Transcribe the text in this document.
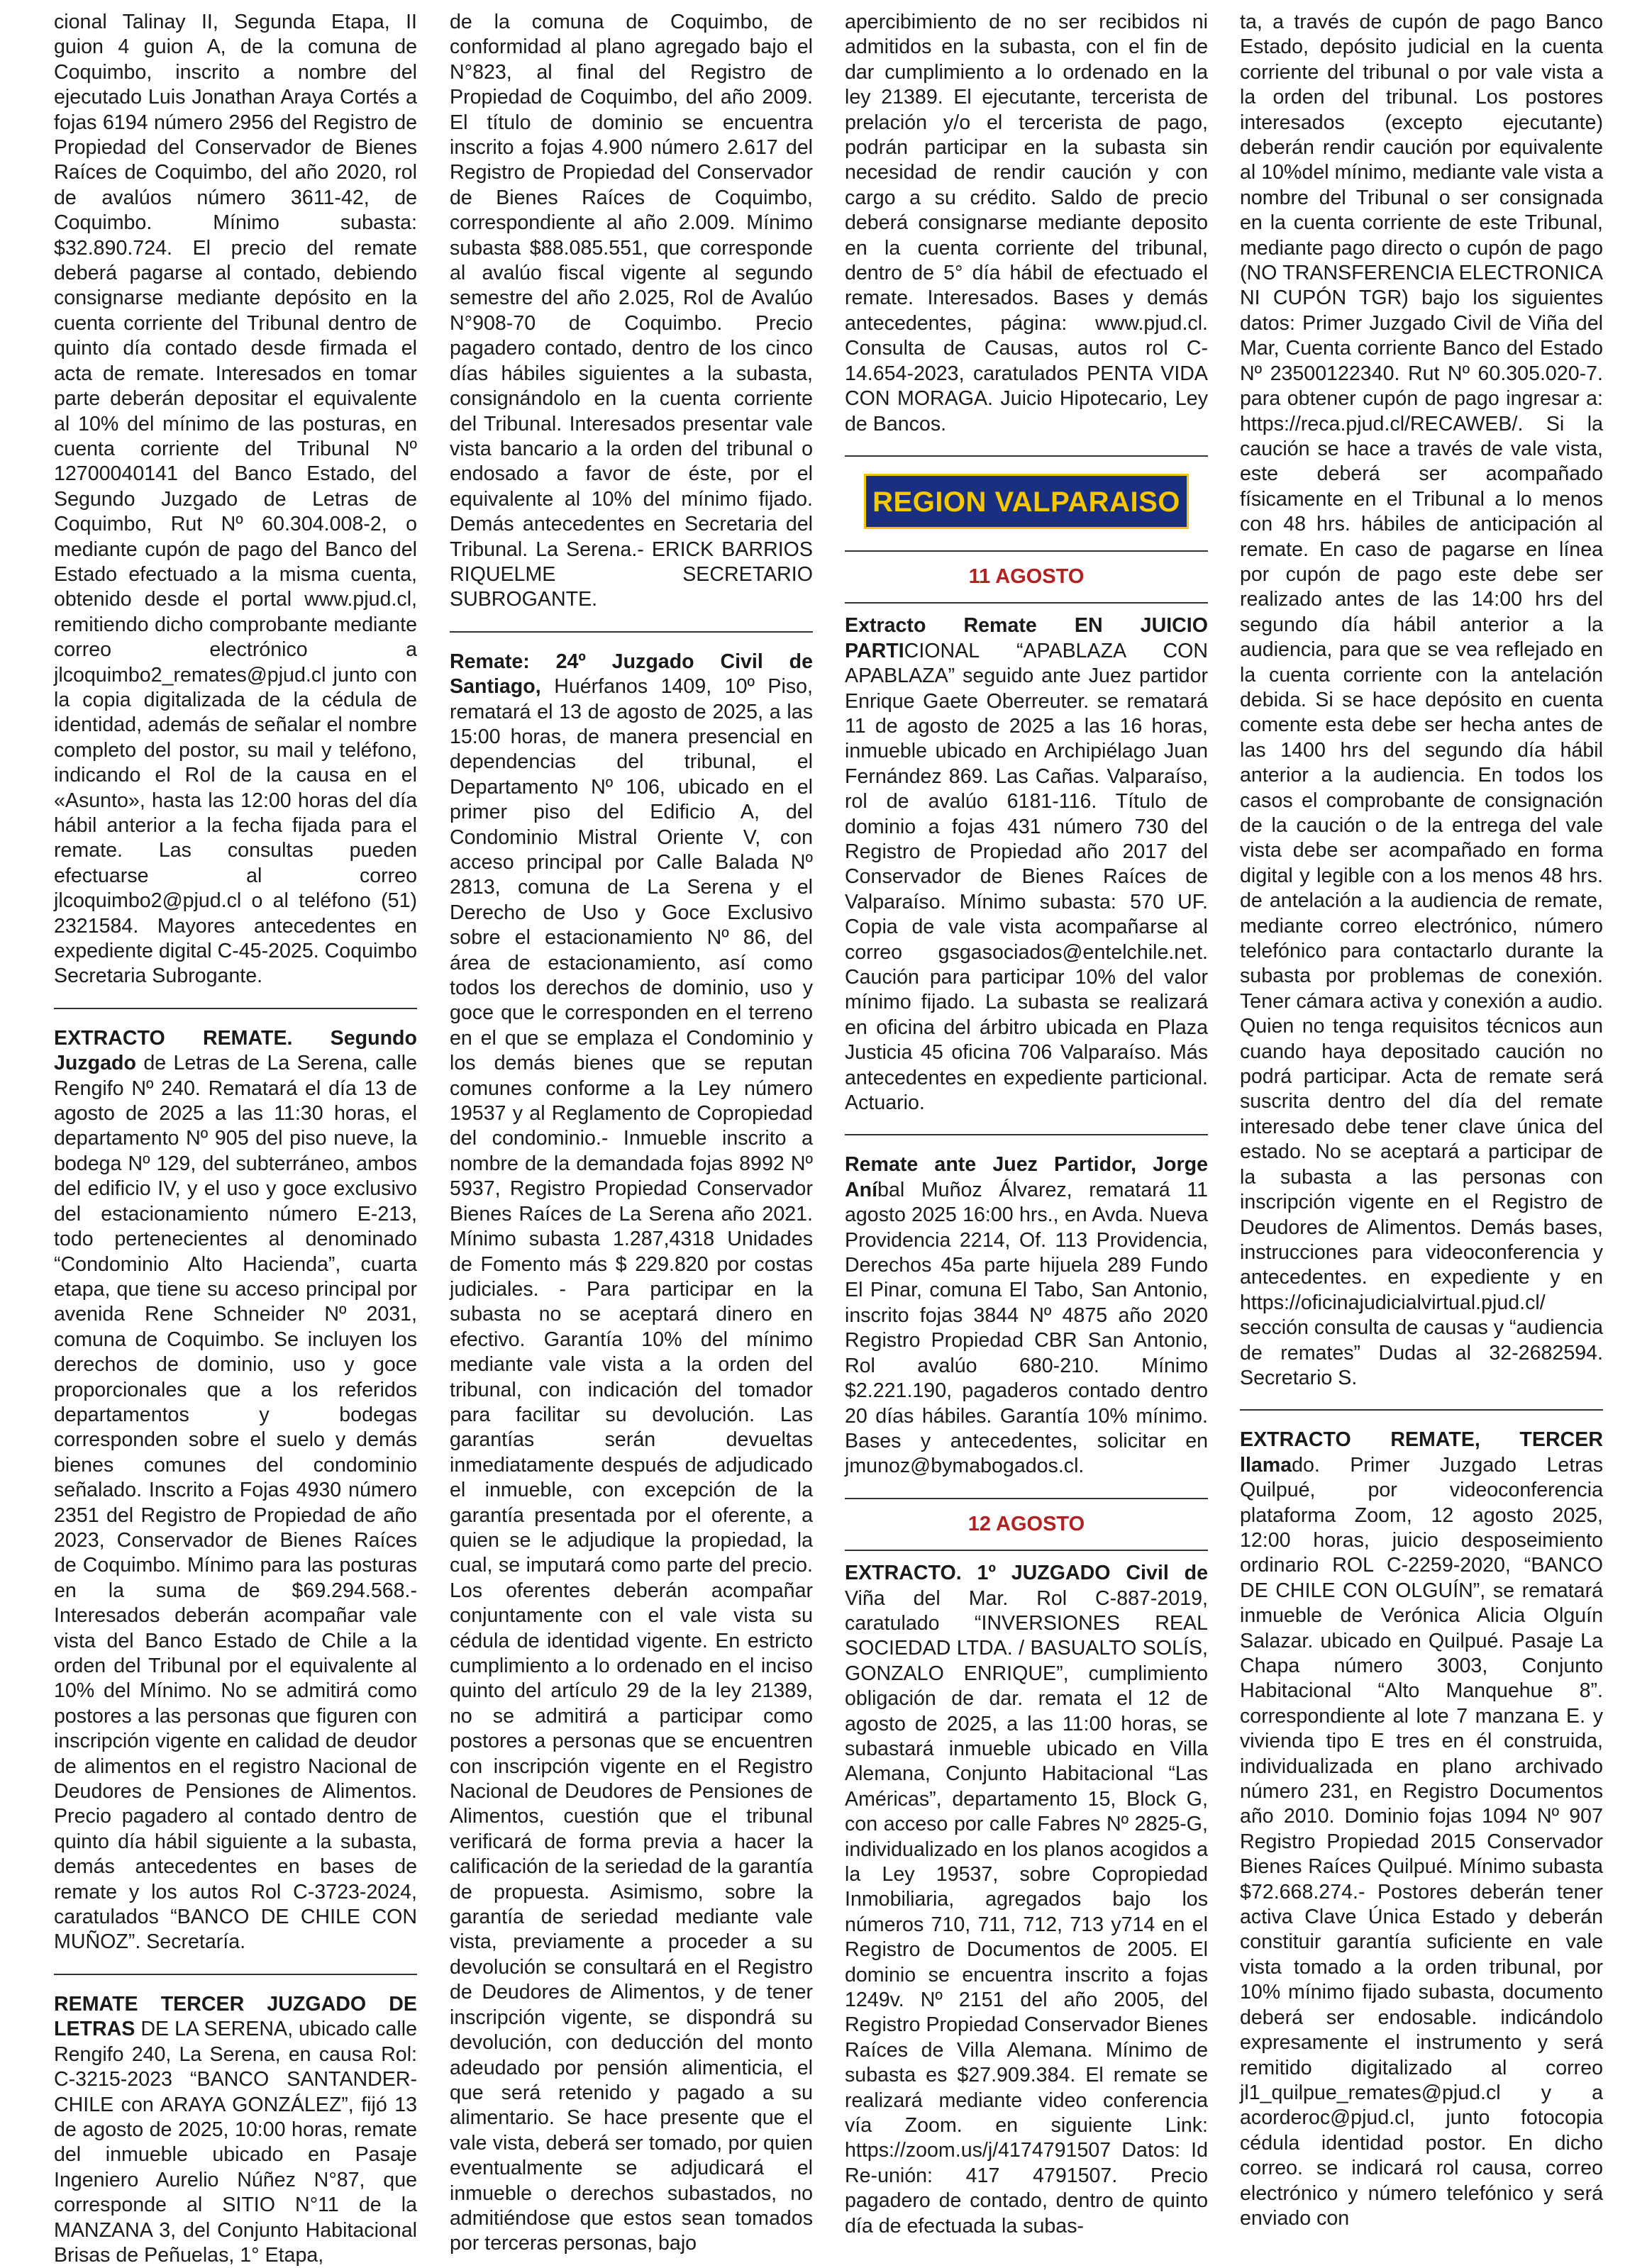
cional Talinay II, Segunda Etapa, II guion 4 guion A, de la comuna de Coquimbo, inscrito a nombre del ejecutado Luis Jonathan Araya Cortés a fojas 6194 número 2956 del Registro de Propiedad del Conservador de Bienes Raíces de Coquimbo, del año 2020, rol de avalúos número 3611-42, de Coquimbo. Mínimo subasta: $32.890.724. El precio del remate deberá pagarse al contado, debiendo consignarse mediante depósito en la cuenta corriente del Tribunal dentro de quinto día contado desde firmada el acta de remate. Interesados en tomar parte deberán depositar el equivalente al 10% del mínimo de las posturas, en cuenta corriente del Tribunal Nº 12700040141 del Banco Estado, del Segundo Juzgado de Letras de Coquimbo, Rut Nº 60.304.008-2, o mediante cupón de pago del Banco del Estado efectuado a la misma cuenta, obtenido desde el portal www.pjud.cl, remitiendo dicho comprobante mediante correo electrónico a jlcoquimbo2_remates@pjud.cl junto con la copia digitalizada de la cédula de identidad, además de señalar el nombre completo del postor, su mail y teléfono, indicando el Rol de la causa en el «Asunto», hasta las 12:00 horas del día hábil anterior a la fecha fijada para el remate. Las consultas pueden efectuarse al correo jlcoquimbo2@pjud.cl o al teléfono (51) 2321584. Mayores antecedentes en expediente digital C-45-2025. Coquimbo Secretaria Subrogante.

EXTRACTO REMATE. Segundo Juzgado de Letras de La Serena, calle Rengifo Nº 240. Rematará el día 13 de agosto de 2025 a las 11:30 horas, el departamento Nº 905 del piso nueve, la bodega Nº 129, del subterráneo, ambos del edificio IV, y el uso y goce exclusivo del estacionamiento número E-213, todo pertenecientes al denominado “Condominio Alto Hacienda”, cuarta etapa, que tiene su acceso principal por avenida Rene Schneider Nº 2031, comuna de Coquimbo. Se incluyen los derechos de dominio, uso y goce proporcionales que a los referidos departamentos y bodegas corresponden sobre el suelo y demás bienes comunes del condominio señalado. Inscrito a Fojas 4930 número 2351 del Registro de Propiedad de año 2023, Conservador de Bienes Raíces de Coquimbo. Mínimo para las posturas en la suma de $69.294.568.- Interesados deberán acompañar vale vista del Banco Estado de Chile a la orden del Tribunal por el equivalente al 10% del Mínimo. No se admitirá como postores a las personas que figuren con inscripción vigente en calidad de deudor de alimentos en el registro Nacional de Deudores de Pensiones de Alimentos. Precio pagadero al contado dentro de quinto día hábil siguiente a la subasta, demás antecedentes en bases de remate y los autos Rol C-3723-2024, caratulados “BANCO DE CHILE CON MUÑOZ”. Secretaría.

REMATE TERCER JUZGADO DE LETRAS DE LA SERENA, ubicado calle Rengifo 240, La Serena, en causa Rol: C-3215-2023 “BANCO SANTANDER- CHILE con ARAYA GONZÁLEZ”, fijó 13 de agosto de 2025, 10:00 horas, remate del inmueble ubicado en Pasaje Ingeniero Aurelio Núñez N°87, que corresponde al SITIO N°11 de la MANZANA 3, del Conjunto Habitacional Brisas de Peñuelas, 1° Etapa,

de la comuna de Coquimbo, de conformidad al plano agregado bajo el N°823, al final del Registro de Propiedad de Coquimbo, del año 2009. El título de dominio se encuentra inscrito a fojas 4.900 número 2.617 del Registro de Propiedad del Conservador de Bienes Raíces de Coquimbo, correspondiente al año 2.009. Mínimo subasta $88.085.551, que corresponde al avalúo fiscal vigente al segundo semestre del año 2.025, Rol de Avalúo N°908-70 de Coquimbo. Precio pagadero contado, dentro de los cinco días hábiles siguientes a la subasta, consignándolo en la cuenta corriente del Tribunal. Interesados presentar vale vista bancario a la orden del tribunal o endosado a favor de éste, por el equivalente al 10% del mínimo fijado. Demás antecedentes en Secretaria del Tribunal. La Serena.- ERICK BARRIOS RIQUELME SECRETARIO SUBROGANTE.

Remate: 24º Juzgado Civil de Santiago, Huérfanos 1409, 10º Piso, rematará el 13 de agosto de 2025, a las 15:00 horas, de manera presencial en dependencias del tribunal, el Departamento Nº 106, ubicado en el primer piso del Edificio A, del Condominio Mistral Oriente V, con acceso principal por Calle Balada Nº 2813, comuna de La Serena y el Derecho de Uso y Goce Exclusivo sobre el estacionamiento Nº 86, del área de estacionamiento, así como todos los derechos de dominio, uso y goce que le corresponden en el terreno en el que se emplaza el Condominio y los demás bienes que se reputan comunes conforme a la Ley número 19537 y al Reglamento de Copropiedad del condominio.- Inmueble inscrito a nombre de la demandada fojas 8992 Nº 5937, Registro Propiedad Conservador Bienes Raíces de La Serena año 2021. Mínimo subasta 1.287,4318 Unidades de Fomento más $ 229.820 por costas judiciales. - Para participar en la subasta no se aceptará dinero en efectivo. Garantía 10% del mínimo mediante vale vista a la orden del tribunal, con indicación del tomador para facilitar su devolución. Las garantías serán devueltas inmediatamente después de adjudicado el inmueble, con excepción de la garantía presentada por el oferente, a quien se le adjudique la propiedad, la cual, se imputará como parte del precio. Los oferentes deberán acompañar conjuntamente con el vale vista su cédula de identidad vigente. En estricto cumplimiento a lo ordenado en el inciso quinto del artículo 29 de la ley 21389, no se admitirá a participar como postores a personas que se encuentren con inscripción vigente en el Registro Nacional de Deudores de Pensiones de Alimentos, cuestión que el tribunal verificará de forma previa a hacer la calificación de la seriedad de la garantía de propuesta. Asimismo, sobre la garantía de seriedad mediante vale vista, previamente a proceder a su devolución se consultará en el Registro de Deudores de Alimentos, y de tener inscripción vigente, se dispondrá su devolución, con deducción del monto adeudado por pensión alimenticia, el que será retenido y pagado a su alimentario. Se hace presente que el vale vista, deberá ser tomado, por quien eventualmente se adjudicará el inmueble o derechos subastados, no admitiéndose que estos sean tomados por terceras personas, bajo

apercibimiento de no ser recibidos ni admitidos en la subasta, con el fin de dar cumplimiento a lo ordenado en la ley 21389. El ejecutante, tercerista de prelación y/o el tercerista de pago, podrán participar en la subasta sin necesidad de rendir caución y con cargo a su crédito. Saldo de precio deberá consignarse mediante deposito en la cuenta corriente del tribunal, dentro de 5° día hábil de efectuado el remate. Interesados. Bases y demás antecedentes, página: www.pjud.cl. Consulta de Causas, autos rol C-14.654-2023, caratulados PENTA VIDA CON MORAGA. Juicio Hipotecario, Ley de Bancos.

REGION VALPARAISO
11 AGOSTO

Extracto Remate EN JUICIO PARTICIONAL “APABLAZA CON APABLAZA” seguido ante Juez partidor Enrique Gaete Oberreuter. se rematará 11 de agosto de 2025 a las 16 horas, inmueble ubicado en Archipiélago Juan Fernández 869. Las Cañas. Valparaíso, rol de avalúo 6181-116. Título de dominio a fojas 431 número 730 del Registro de Propiedad año 2017 del Conservador de Bienes Raíces de Valparaíso. Mínimo subasta: 570 UF. Copia de vale vista acompañarse al correo gsgasociados@entelchile.net. Caución para participar 10% del valor mínimo fijado. La subasta se realizará en oficina del árbitro ubicada en Plaza Justicia 45 oficina 706 Valparaíso. Más antecedentes en expediente particional. Actuario.

Remate ante Juez Partidor, Jorge Aníbal Muñoz Álvarez, rematará 11 agosto 2025 16:00 hrs., en Avda. Nueva Providencia 2214, Of. 113 Providencia, Derechos 45a parte hijuela 289 Fundo El Pinar, comuna El Tabo, San Antonio, inscrito fojas 3844 Nº 4875 año 2020 Registro Propiedad CBR San Antonio, Rol avalúo 680-210. Mínimo $2.221.190, pagaderos contado dentro 20 días hábiles. Garantía 10% mínimo. Bases y antecedentes, solicitar en jmunoz@bymabogados.cl.

12 AGOSTO

EXTRACTO. 1º JUZGADO Civil de Viña del Mar. Rol C-887-2019, caratulado “INVERSIONES REAL SOCIEDAD LTDA. / BASUALTO SOLÍS, GONZALO ENRIQUE”, cumplimiento obligación de dar. remata el 12 de agosto de 2025, a las 11:00 horas, se subastará inmueble ubicado en Villa Alemana, Conjunto Habitacional “Las Américas”, departamento 15, Block G, con acceso por calle Fabres Nº 2825-G, individualizado en los planos acogidos a la Ley 19537, sobre Copropiedad Inmobiliaria, agregados bajo los números 710, 711, 712, 713 y714 en el Registro de Documentos de 2005. El dominio se encuentra inscrito a fojas 1249v. Nº 2151 del año 2005, del Registro Propiedad Conservador Bienes Raíces de Villa Alemana. Mínimo de subasta es $27.909.384. El remate se realizará mediante video conferencia vía Zoom. en siguiente Link: https://zoom.us/j/4174791507 Datos: Id Re-unión: 417 4791507. Precio pagadero de contado, dentro de quinto día de efectuada la subas-

ta, a través de cupón de pago Banco Estado, depósito judicial en la cuenta corriente del tribunal o por vale vista a la orden del tribunal. Los postores interesados (excepto ejecutante) deberán rendir caución por equivalente al 10%del mínimo, mediante vale vista a nombre del Tribunal o ser consignada en la cuenta corriente de este Tribunal, mediante pago directo o cupón de pago (NO TRANSFERENCIA ELECTRONICA NI CUPÓN TGR) bajo los siguientes datos: Primer Juzgado Civil de Viña del Mar, Cuenta corriente Banco del Estado Nº 23500122340. Rut Nº 60.305.020-7. para obtener cupón de pago ingresar a: https://reca.pjud.cl/RECAWEB/. Si la caución se hace a través de vale vista, este deberá ser acompañado físicamente en el Tribunal a lo menos con 48 hrs. hábiles de anticipación al remate. En caso de pagarse en línea por cupón de pago este debe ser realizado antes de las 14:00 hrs del segundo día hábil anterior a la audiencia, para que se vea reflejado en la cuenta corriente con la antelación debida. Si se hace depósito en cuenta comente esta debe ser hecha antes de las 1400 hrs del segundo día hábil anterior a la audiencia. En todos los casos el comprobante de consignación de la caución o de la entrega del vale vista debe ser acompañado en forma digital y legible con a los menos 48 hrs. de antelación a la audiencia de remate, mediante correo electrónico, número telefónico para contactarlo durante la subasta por problemas de conexión. Tener cámara activa y conexión a audio. Quien no tenga requisitos técnicos aun cuando haya depositado caución no podrá participar. Acta de remate será suscrita dentro del día del remate interesado debe tener clave única del estado. No se aceptará a participar de la subasta a las personas con inscripción vigente en el Registro de Deudores de Alimentos. Demás bases, instrucciones para videoconferencia y antecedentes. en expediente y en https://oficinajudicialvirtual.pjud.cl/ sección consulta de causas y “audiencia de remates” Dudas al 32-2682594. Secretario S.

EXTRACTO REMATE, TERCER llamado. Primer Juzgado Letras Quilpué, por videoconferencia plataforma Zoom, 12 agosto 2025, 12:00 horas, juicio desposeimiento ordinario ROL C-2259-2020, “BANCO DE CHILE CON OLGUÍN”, se rematará inmueble de Verónica Alicia Olguín Salazar. ubicado en Quilpué. Pasaje La Chapa número 3003, Conjunto Habitacional “Alto Manquehue 8”. correspondiente al lote 7 manzana E. y vivienda tipo E tres en él construida, individualizada en plano archivado número 231, en Registro Documentos año 2010. Dominio fojas 1094 Nº 907 Registro Propiedad 2015 Conservador Bienes Raíces Quilpué. Mínimo subasta $72.668.274.- Postores deberán tener activa Clave Única Estado y deberán constituir garantía suficiente en vale vista tomado a la orden tribunal, por 10% mínimo fijado subasta, documento deberá ser endosable. indicándolo expresamente el instrumento y será remitido digitalizado al correo jl1_quilpue_remates@pjud.cl y a acorderoc@pjud.cl, junto fotocopia cédula identidad postor. En dicho correo. se indicará rol causa, correo electrónico y número telefónico y será enviado con
